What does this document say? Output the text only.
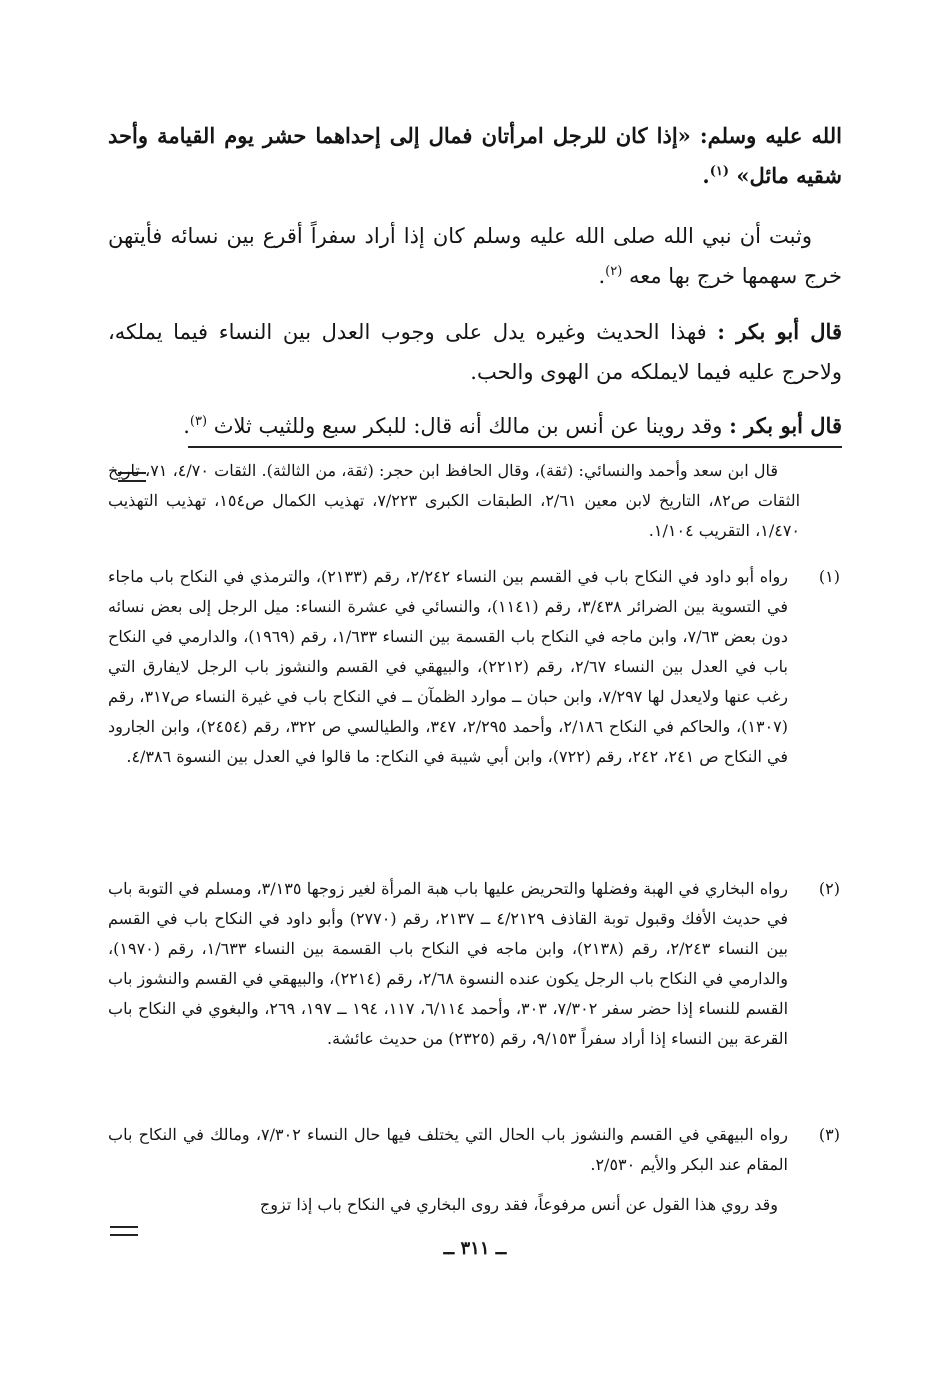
الله عليه وسلم: «إذا كان للرجل امرأتان فمال إلى إحداهما حشر يوم القيامة وأحد شقيه مائل» $^{(١)}$.
وثبت أن نبي الله صلى الله عليه وسلم كان إذا أراد سفراً أقرع بين نسائه فأيتهن خرج سهمها خرج بها معه $^{(٢)}$.
قال أبو بكر : فهذا الحديث وغيره يدل على وجوب العدل بين النساء فيما يملكه، ولاحرج عليه فيما لايملكه من الهوى والحب.
قال أبو بكر : وقد روينا عن أنس بن مالك أنه قال: للبكر سبع وللثيب ثلاث $^{(٣)}$.
قال ابن سعد وأحمد والنسائي: (ثقة)، وقال الحافظ ابن حجر: (ثقة، من الثالثة). الثقات ٤/٧٠، ٧١، تاريخ الثقات ص٨٢، التاريخ لابن معين ٢/٦١، الطبقات الكبرى ٧/٢٢٣، تهذيب الكمال ص١٥٤، تهذيب التهذيب ١/٤٧٠، التقريب ١/١٠٤.
(١)
رواه أبو داود في النكاح باب في القسم بين النساء ٢/٢٤٢، رقم (٢١٣٣)، والترمذي في النكاح باب ماجاء في التسوية بين الضرائر ٣/٤٣٨، رقم (١١٤١)، والنسائي في عشرة النساء: ميل الرجل إلى بعض نسائه دون بعض ٧/٦٣، وابن ماجه في النكاح باب القسمة بين النساء ١/٦٣٣، رقم (١٩٦٩)، والدارمي في النكاح باب في العدل بين النساء ٢/٦٧، رقم (٢٢١٢)، والبيهقي في القسم والنشوز باب الرجل لايفارق التي رغب عنها ولايعدل لها ٧/٢٩٧، وابن حبان ــ موارد الظمآن ــ في النكاح باب في غيرة النساء ص٣١٧، رقم (١٣٠٧)، والحاكم في النكاح ٢/١٨٦، وأحمد ٢/٢٩٥، ٣٤٧، والطيالسي ص ٣٢٢، رقم (٢٤٥٤)، وابن الجارود في النكاح ص ٢٤١، ٢٤٢، رقم (٧٢٢)، وابن أبي شيبة في النكاح: ما قالوا في العدل بين النسوة ٤/٣٨٦.
(٢)
رواه البخاري في الهبة وفضلها والتحريض عليها باب هبة المرأة لغير زوجها ٣/١٣٥، ومسلم في التوبة باب في حديث الأفك وقبول توبة القاذف ٤/٢١٢٩ ــ ٢١٣٧، رقم (٢٧٧٠) وأبو داود في النكاح باب في القسم بين النساء ٢/٢٤٣، رقم (٢١٣٨)، وابن ماجه في النكاح باب القسمة بين النساء ١/٦٣٣، رقم (١٩٧٠)، والدارمي في النكاح باب الرجل يكون عنده النسوة ٢/٦٨، رقم (٢٢١٤)، والبيهقي في القسم والنشوز باب القسم للنساء إذا حضر سفر ٧/٣٠٢، ٣٠٣، وأحمد ٦/١١٤، ١١٧، ١٩٤ ــ ١٩٧، ٢٦٩، والبغوي في النكاح باب القرعة بين النساء إذا أراد سفراً ٩/١٥٣، رقم (٢٣٢٥) من حديث عائشة.
(٣)
رواه البيهقي في القسم والنشوز باب الحال التي يختلف فيها حال النساء ٧/٣٠٢، ومالك في النكاح باب المقام عند البكر والأيم ٢/٥٣٠.
وقد روي هذا القول عن أنس مرفوعاً، فقد روى البخاري في النكاح باب إذا تزوج
ــ ٣١١ ــ
